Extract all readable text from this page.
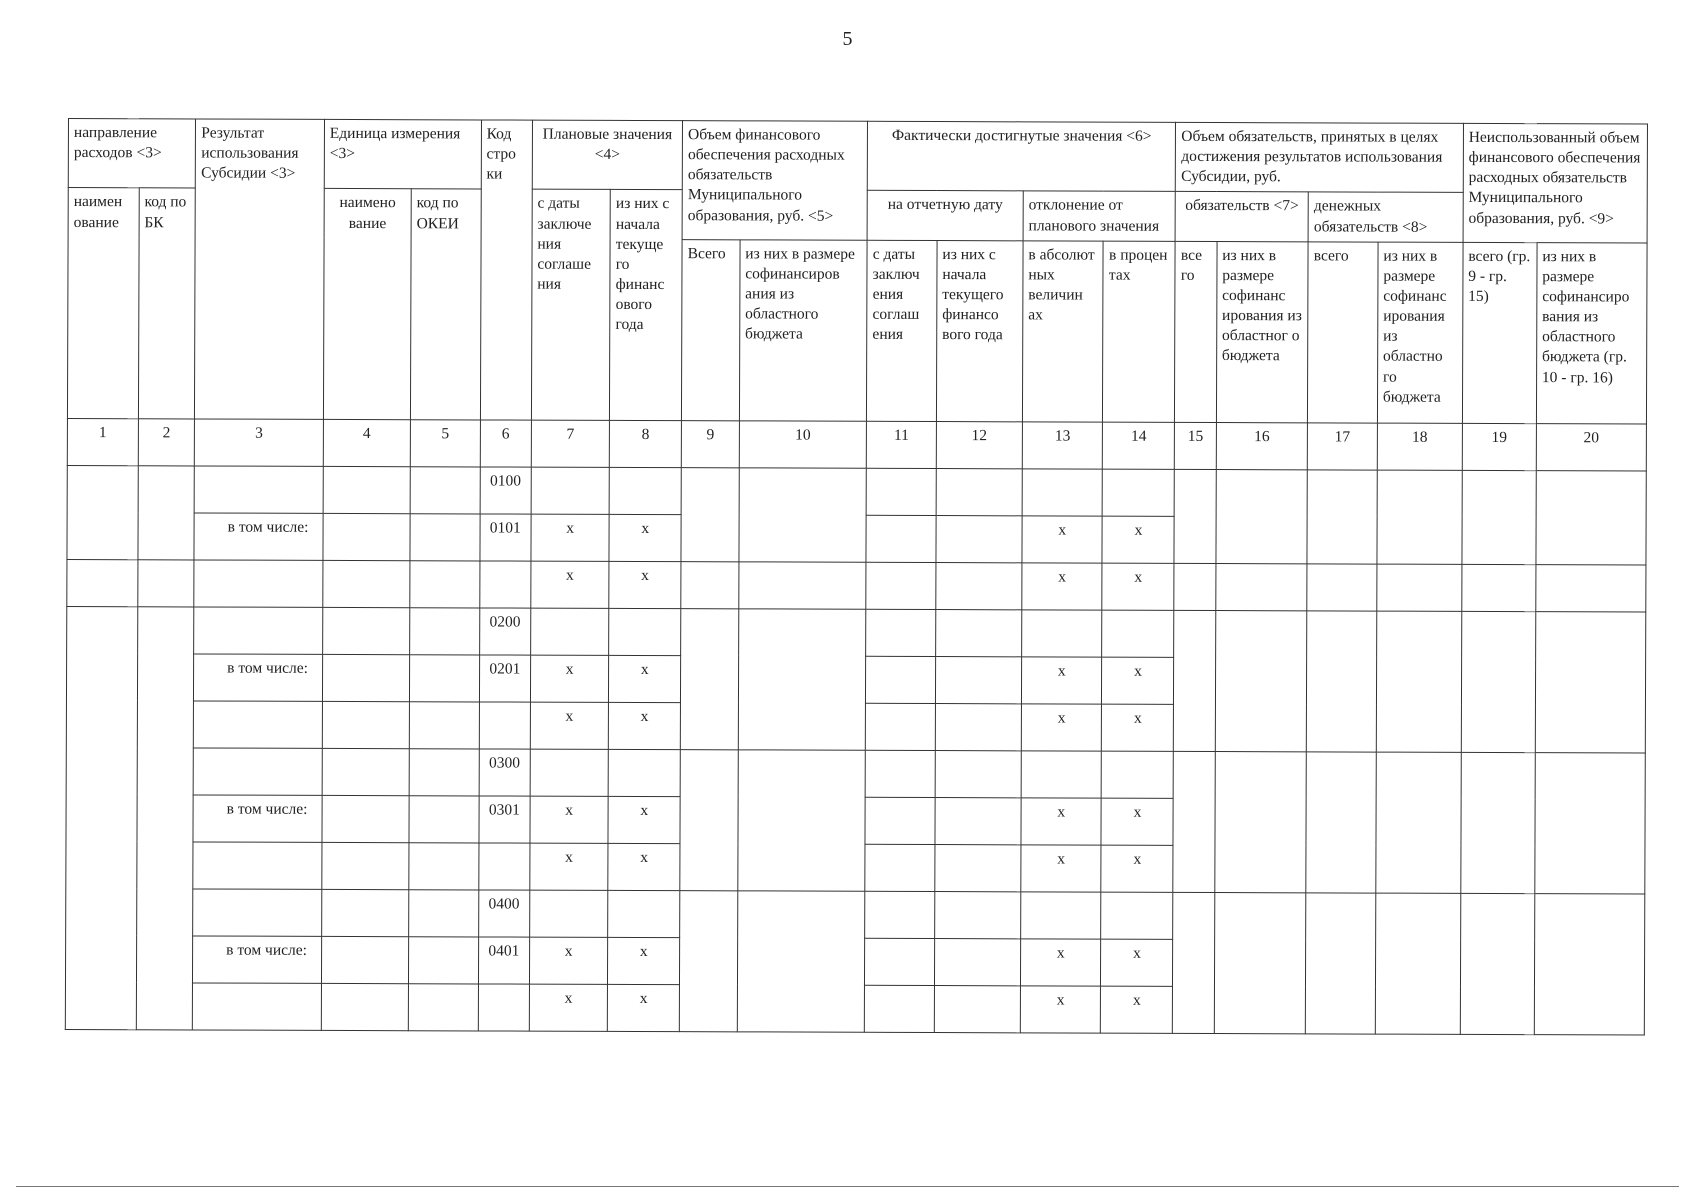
5
направление расходов <3>		Результат использования Субсидии <3>	Единица измерения <3>		Код стро ки	Плановые значения <4>		Объем финансового обеспечения расходных обязательств Муниципального образования, руб. <5>		Фактически достигнутые значения <6>				Объем обязательств, принятых в целях достижения результатов использования Субсидии, руб.				Неиспользованный объем финансового обеспечения расходных обязательств Муниципального образования, руб. <9>	
наимен ование	код по БК		наимено вание	код по ОКЕИ		с даты заключе ния соглаше ния	из них с начала текуще го финанс ового года			на отчетную дату		отклонение от планового значения		обязательств <7>		денежных обязательств <8>			
								Всего	из них в размере софинансиров ания из областного бюджета	с даты заключ ения соглаш ения	из них с начала текущего финансо вого года	в абсолют ных величин ах	в процен тах	все го	из них в размере софинанс ирования из областног о бюджета	всего	из них в размере софинанс ирования из областно го бюджета	всего (гр. 9 - гр. 15)	из них в размере софинансиро вания из областного бюджета (гр. 10 - гр. 16)
1	2	3	4	5	6	7	8	9	10	11	12	13	14	15	16	17	18	19	20
					0100														
		в том числе:			0101	x	x					x	x						
						x	x					x	x						
					0200														
		в том числе:			0201	x	x					x	x						
						x	x					x	x						
					0300														
		в том числе:			0301	x	x					x	x						
						x	x					x	x						
					0400														
		в том числе:			0401	x	x					x	x						
						x	x					x	x						
